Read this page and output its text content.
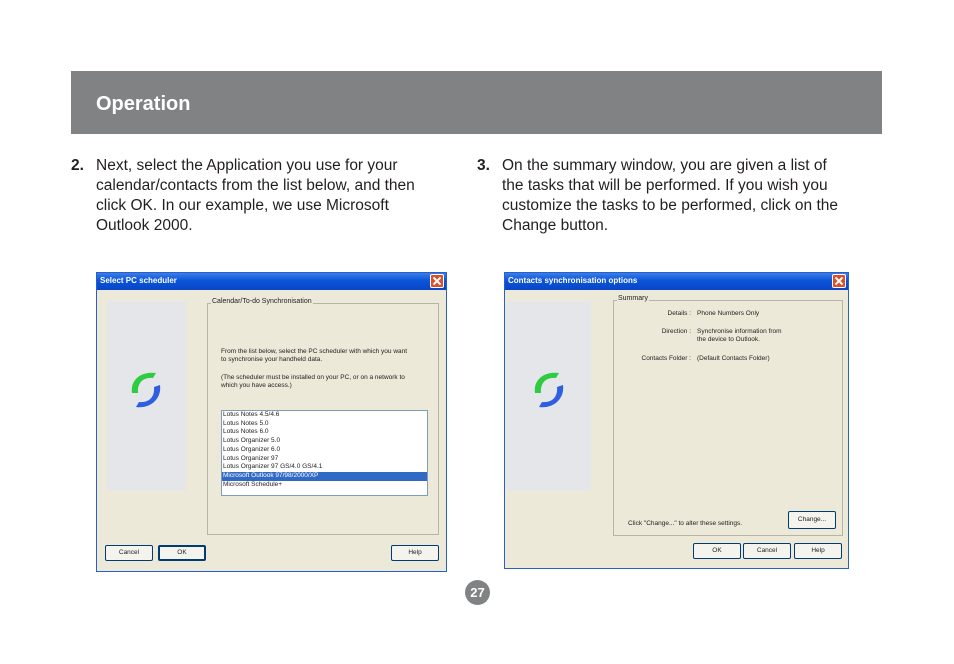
Operation
2. Next, select the Application you use for your
calendar/contacts from the list below, and then
click OK. In our example, we use Microsoft
Outlook 2000.
3. On the summary window, you are given a list of
the tasks that will be performed. If you wish you
customize the tasks to be performed, click on the
Change button.
Select PC scheduler
Calendar/To-do Synchronisation
From the list below, select the PC scheduler with which you want
to synchronise your handheld data.
(The scheduler must be installed on your PC, or on a network to
which you have access.)
Lotus Notes 4.5/4.6
Lotus Notes 5.0
Lotus Notes 6.0
Lotus Organizer 5.0
Lotus Organizer 6.0
Lotus Organizer 97
Lotus Organizer 97 GS/4.0 GS/4.1
Microsoft Outlook 97/98/2000/XP
Microsoft Schedule+
Cancel	OK	Help
Contacts synchronisation options
Summary
Details : Phone Numbers Only
Direction : Synchronise information from
the device to Outlook.
Contacts Folder : (Default Contacts Folder)
Click "Change..." to alter these settings.
Change...
OK	Cancel	Help
27
